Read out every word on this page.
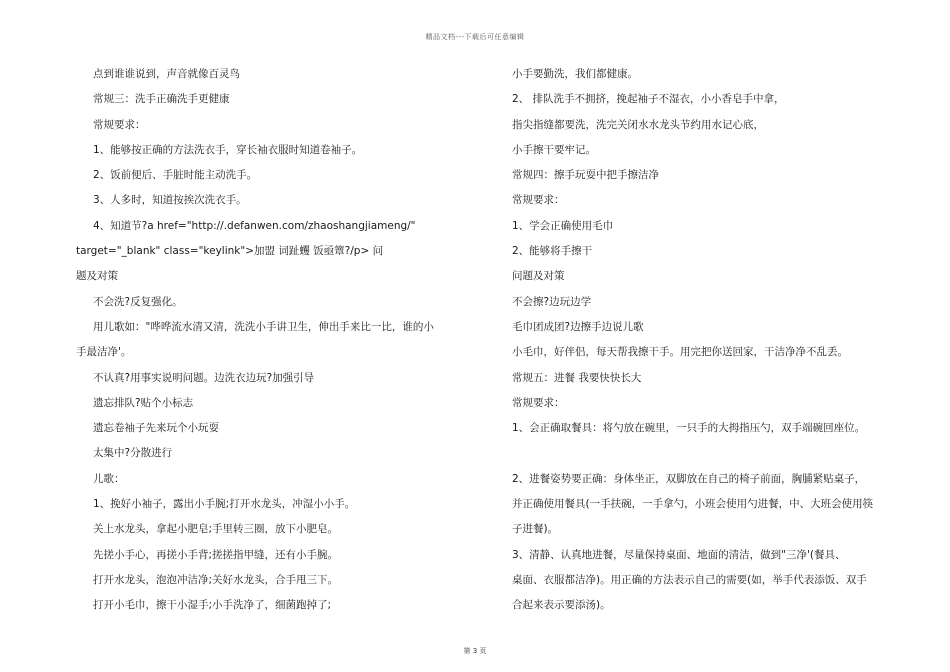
精品文档---下载后可任意编辑
点到谁谁说到，声音就像百灵鸟
常规三：洗手正确洗手更健康
常规要求：
1、能够按正确的方法洗衣手，穿长袖衣服时知道卷袖子。
2、饭前便后、手脏时能主动洗手。
3、人多时，知道按挨次洗衣手。
4、知道节?a href="http://.defanwen.com/zhaoshangjiameng/"
target="_blank" class="keylink">加盟 词趾蠼 饭亟簟?/p> 问
题及对策
不会洗?反复强化。
用儿歌如："哗哗流水清又清，洗洗小手讲卫生，伸出手来比一比，谁的小
手最洁净'。
不认真?用事实说明问题。边洗衣边玩?加强引导
遗忘排队?贴个小标志
遗忘卷袖子先来玩个小玩耍
太集中?分散进行
儿歌：
1、挽好小袖子，露出小手腕;打开水龙头，冲湿小小手。
关上水龙头，拿起小肥皂;手里转三圈，放下小肥皂。
先搓小手心，再搓小手背;搓搓指甲缝，还有小手腕。
打开水龙头，泡泡冲洁净;关好水龙头，合手甩三下。
打开小毛巾，擦干小湿手;小手洗净了，细菌跑掉了;
小手要勤洗，我们都健康。
2、 排队洗手不拥挤，挽起袖子不湿衣，小小香皂手中拿，
指尖指缝都要洗，洗完关闭水水龙头节约用水记心底，
小手擦干要牢记。
常规四：擦手玩耍中把手擦洁净
常规要求：
1、学会正确使用毛巾
2、能够将手擦干
问题及对策
不会擦?边玩边学
毛巾团成团?边擦手边说儿歌
小毛巾，好伴侣，每天帮我擦干手。用完把你送回家，干洁净净不乱丢。
常规五：进餐 我要快快长大
常规要求：
1、会正确取餐具：将勺放在碗里，一只手的大拇指压勺，双手端碗回座位。
2、进餐姿势要正确：身体坐正，双脚放在自己的椅子前面，胸脯紧贴桌子，
并正确使用餐具(一手扶碗，一手拿勺，小班会使用勺进餐，中、大班会使用筷
子进餐)。
3、清静、认真地进餐，尽量保持桌面、地面的清洁，做到"三净'(餐具、
桌面、衣服都洁净)。用正确的方法表示自己的需要(如，举手代表添饭、双手
合起来表示要添汤)。
第 3 页
